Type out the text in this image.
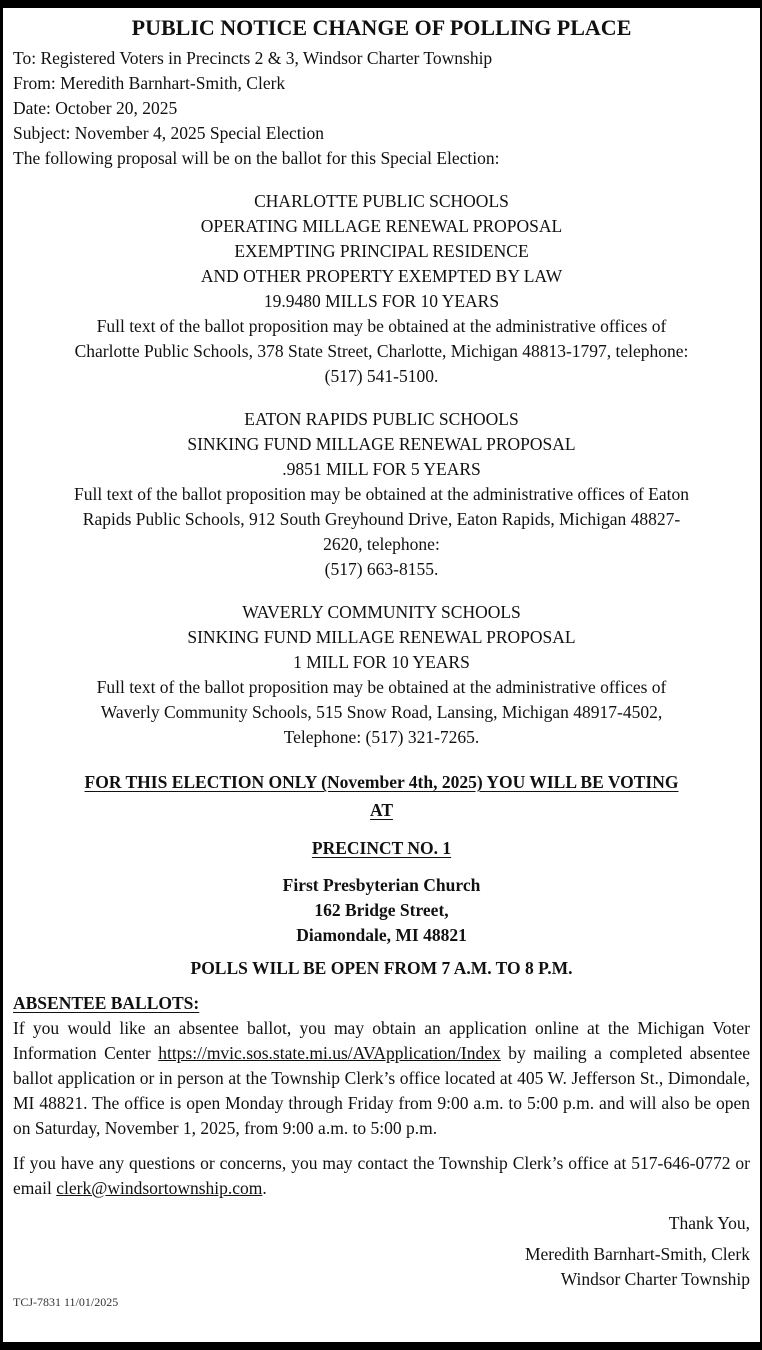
PUBLIC NOTICE CHANGE OF POLLING PLACE
To: Registered Voters in Precincts 2 & 3, Windsor Charter Township
From: Meredith Barnhart-Smith, Clerk
Date: October 20, 2025
Subject: November 4, 2025 Special Election
The following proposal will be on the ballot for this Special Election:
CHARLOTTE PUBLIC SCHOOLS
OPERATING MILLAGE RENEWAL PROPOSAL
EXEMPTING PRINCIPAL RESIDENCE
AND OTHER PROPERTY EXEMPTED BY LAW
19.9480 MILLS FOR 10 YEARS
Full text of the ballot proposition may be obtained at the administrative offices of
Charlotte Public Schools, 378 State Street, Charlotte, Michigan 48813-1797, telephone:
(517) 541-5100.
EATON RAPIDS PUBLIC SCHOOLS
SINKING FUND MILLAGE RENEWAL PROPOSAL
.9851 MILL FOR 5 YEARS
Full text of the ballot proposition may be obtained at the administrative offices of Eaton
Rapids Public Schools, 912 South Greyhound Drive, Eaton Rapids, Michigan 48827-
2620, telephone:
(517) 663-8155.
WAVERLY COMMUNITY SCHOOLS
SINKING FUND MILLAGE RENEWAL PROPOSAL
1 MILL FOR 10 YEARS
Full text of the ballot proposition may be obtained at the administrative offices of
Waverly Community Schools, 515 Snow Road, Lansing, Michigan 48917-4502,
Telephone: (517) 321-7265.
FOR THIS ELECTION ONLY (November 4th, 2025) YOU WILL BE VOTING
AT
PRECINCT NO. 1
First Presbyterian Church
162 Bridge Street,
Diamondale, MI 48821
POLLS WILL BE OPEN FROM 7 A.M. TO 8 P.M.
ABSENTEE BALLOTS:

If you would like an absentee ballot, you may obtain an application online at the Michigan Voter Information Center https://mvic.sos.state.mi.us/AVApplication/Index by mailing a completed absentee ballot application or in person at the Township Clerk’s office located at 405 W. Jefferson St., Dimondale, MI 48821. The office is open Monday through Friday from 9:00 a.m. to 5:00 p.m. and will also be open on Saturday, November 1, 2025, from 9:00 a.m. to 5:00 p.m.

If you have any questions or concerns, you may contact the Township Clerk’s office at 517-646-0772 or email clerk@windsortownship.com.

Thank You,
Meredith Barnhart-Smith, Clerk
Windsor Charter Township
TCJ-7831 11/01/2025
